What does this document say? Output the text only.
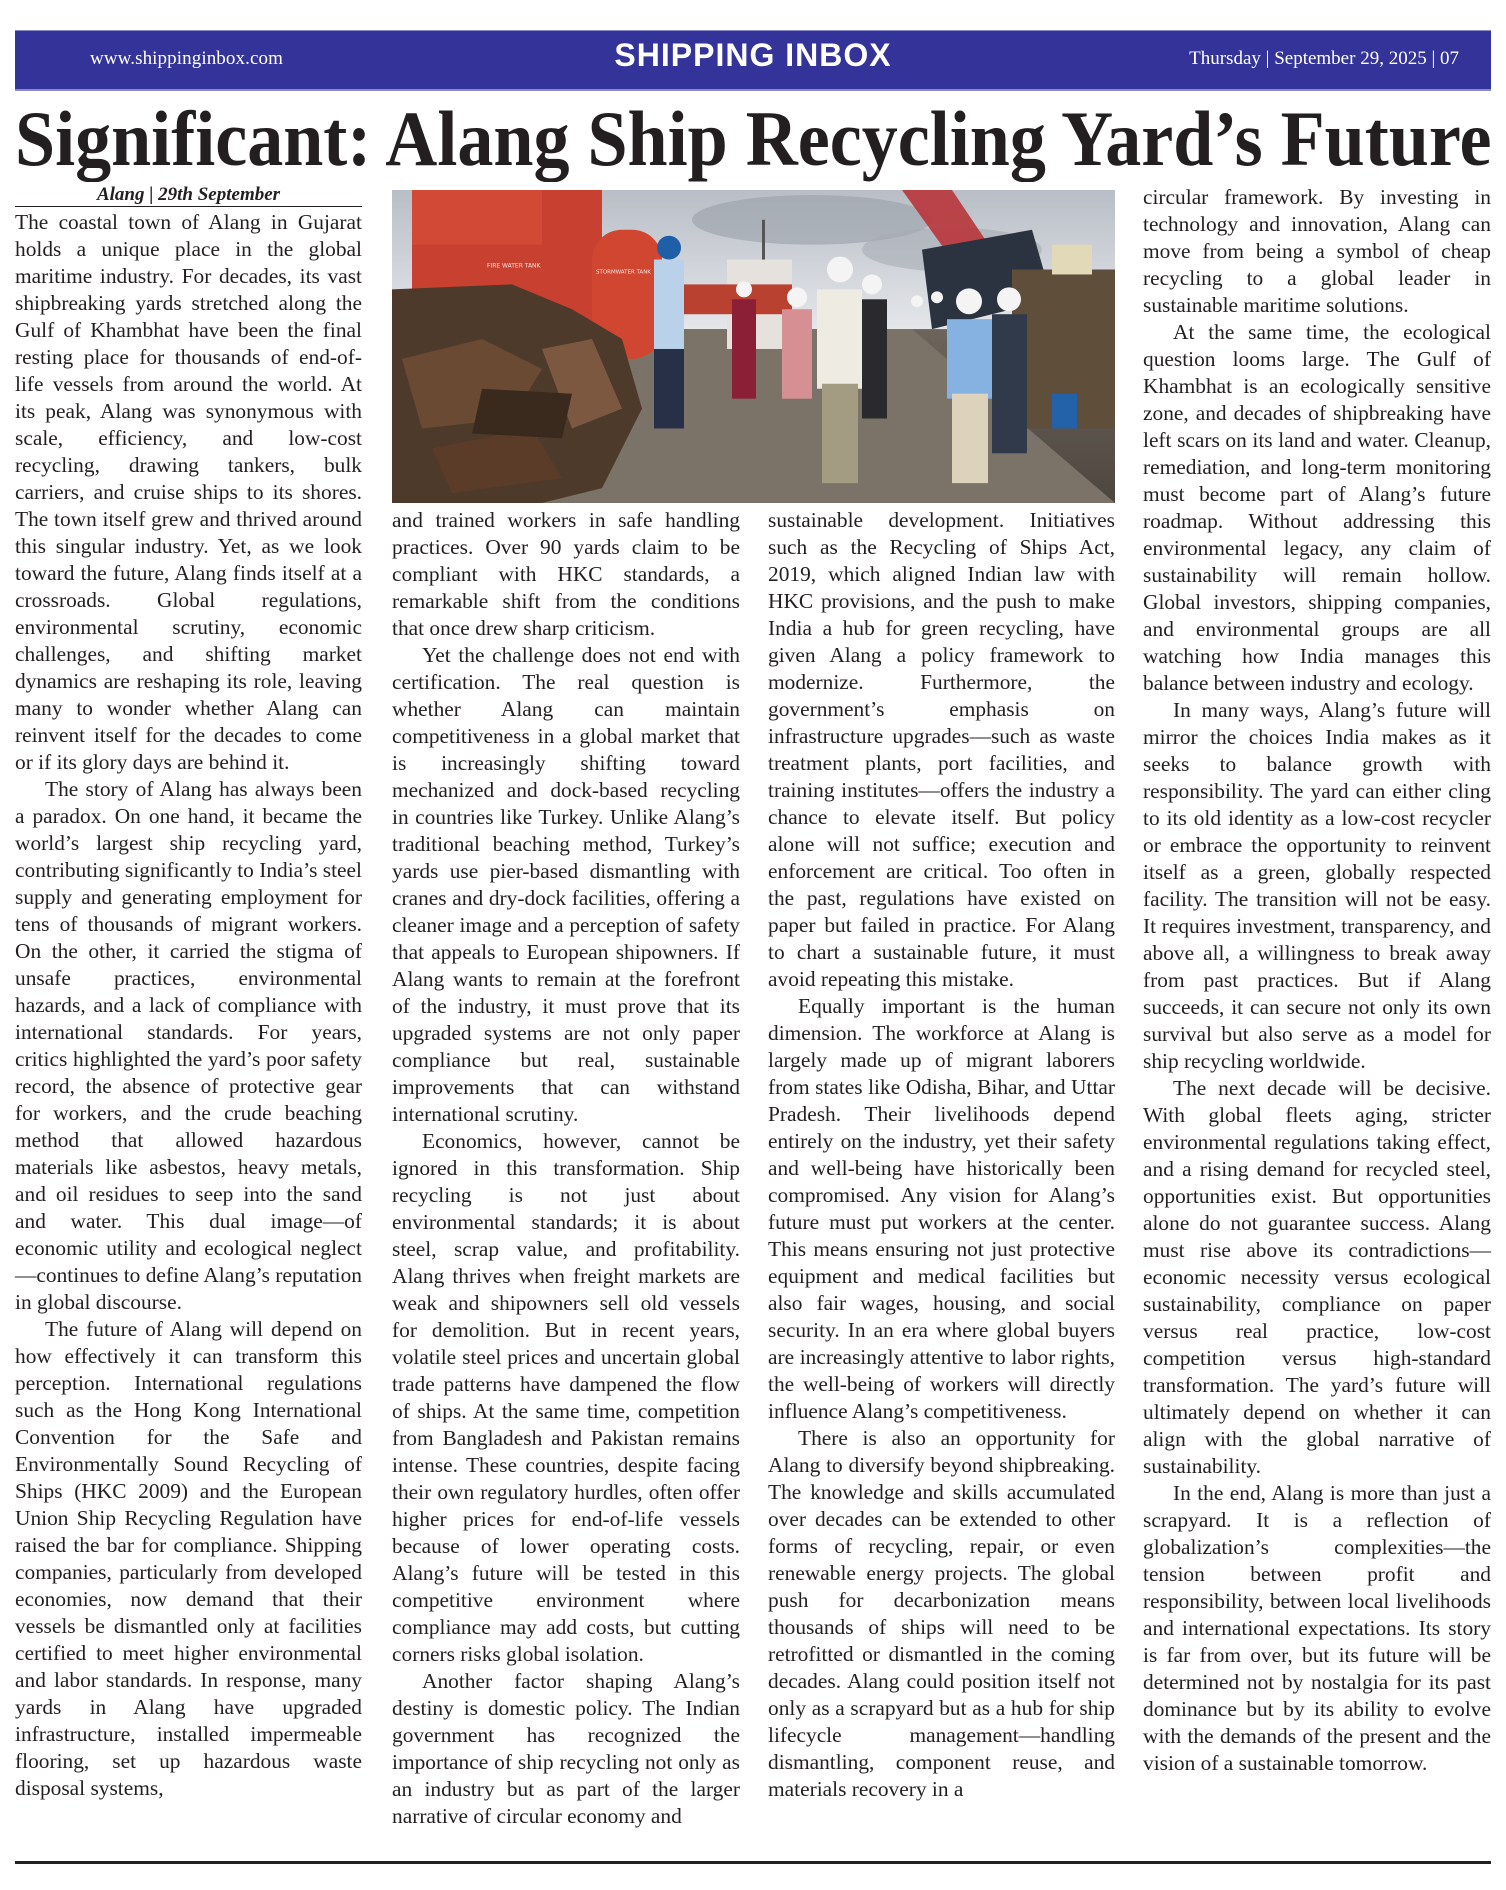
www.shippinginbox.com	SHIPPING INBOX	Thursday | September 29, 2025 | 07
Significant: Alang Ship Recycling Yard’s Future
Alang | 29th September
FIRE WATER TANK
STORMWATER TANK

The coastal town of Alang in Gujarat holds a unique place in the global maritime industry. For decades, its vast shipbreaking yards stretched along the Gulf of Khambhat have been the final resting place for thousands of end-of-life vessels from around the world. At its peak, Alang was synonymous with scale, efficiency, and low-cost recycling, drawing tankers, bulk carriers, and cruise ships to its shores. The town itself grew and thrived around this singular industry. Yet, as we look toward the future, Alang finds itself at a crossroads. Global regulations, environmental scrutiny, economic challenges, and shifting market dynamics are reshaping its role, leaving many to wonder whether Alang can reinvent itself for the decades to come or if its glory days are behind it.

The story of Alang has always been a paradox. On one hand, it became the world’s largest ship recycling yard, contributing significantly to India’s steel supply and generating employment for tens of thousands of migrant workers. On the other, it carried the stigma of unsafe practices, environmental hazards, and a lack of compliance with international standards. For years, critics highlighted the yard’s poor safety record, the absence of protective gear for workers, and the crude beaching method that allowed hazardous materials like asbestos, heavy metals, and oil residues to seep into the sand and water. This dual image—of economic utility and ecological neglect—continues to define Alang’s reputation in global discourse.

The future of Alang will depend on how effectively it can transform this perception. International regulations such as the Hong Kong International Convention for the Safe and Environmentally Sound Recycling of Ships (HKC 2009) and the European Union Ship Recycling Regulation have raised the bar for compliance. Shipping companies, particularly from developed economies, now demand that their vessels be dismantled only at facilities certified to meet higher environmental and labor standards. In response, many yards in Alang have upgraded infrastructure, installed impermeable flooring, set up hazardous waste disposal systems,

and trained workers in safe handling practices. Over 90 yards claim to be compliant with HKC standards, a remarkable shift from the conditions that once drew sharp criticism.

Yet the challenge does not end with certification. The real question is whether Alang can maintain competitiveness in a global market that is increasingly shifting toward mechanized and dock-based recycling in countries like Turkey. Unlike Alang’s traditional beaching method, Turkey’s yards use pier-based dismantling with cranes and dry-dock facilities, offering a cleaner image and a perception of safety that appeals to European shipowners. If Alang wants to remain at the forefront of the industry, it must prove that its upgraded systems are not only paper compliance but real, sustainable improvements that can withstand international scrutiny.

Economics, however, cannot be ignored in this transformation. Ship recycling is not just about environmental standards; it is about steel, scrap value, and profitability. Alang thrives when freight markets are weak and shipowners sell old vessels for demolition. But in recent years, volatile steel prices and uncertain global trade patterns have dampened the flow of ships. At the same time, competition from Bangladesh and Pakistan remains intense. These countries, despite facing their own regulatory hurdles, often offer higher prices for end-of-life vessels because of lower operating costs. Alang’s future will be tested in this competitive environment where compliance may add costs, but cutting corners risks global isolation.

Another factor shaping Alang’s destiny is domestic policy. The Indian government has recognized the importance of ship recycling not only as an industry but as part of the larger narrative of circular economy and

sustainable development. Initiatives such as the Recycling of Ships Act, 2019, which aligned Indian law with HKC provisions, and the push to make India a hub for green recycling, have given Alang a policy framework to modernize. Furthermore, the government’s emphasis on infrastructure upgrades—such as waste treatment plants, port facilities, and training institutes—offers the industry a chance to elevate itself. But policy alone will not suffice; execution and enforcement are critical. Too often in the past, regulations have existed on paper but failed in practice. For Alang to chart a sustainable future, it must avoid repeating this mistake.

Equally important is the human dimension. The workforce at Alang is largely made up of migrant laborers from states like Odisha, Bihar, and Uttar Pradesh. Their livelihoods depend entirely on the industry, yet their safety and well-being have historically been compromised. Any vision for Alang’s future must put workers at the center. This means ensuring not just protective equipment and medical facilities but also fair wages, housing, and social security. In an era where global buyers are increasingly attentive to labor rights, the well-being of workers will directly influence Alang’s competitiveness.

There is also an opportunity for Alang to diversify beyond shipbreaking. The knowledge and skills accumulated over decades can be extended to other forms of recycling, repair, or even renewable energy projects. The global push for decarbonization means thousands of ships will need to be retrofitted or dismantled in the coming decades. Alang could position itself not only as a scrapyard but as a hub for ship lifecycle management—handling dismantling, component reuse, and materials recovery in a

circular framework. By investing in technology and innovation, Alang can move from being a symbol of cheap recycling to a global leader in sustainable maritime solutions.

At the same time, the ecological question looms large. The Gulf of Khambhat is an ecologically sensitive zone, and decades of shipbreaking have left scars on its land and water. Cleanup, remediation, and long-term monitoring must become part of Alang’s future roadmap. Without addressing this environmental legacy, any claim of sustainability will remain hollow. Global investors, shipping companies, and environmental groups are all watching how India manages this balance between industry and ecology.

In many ways, Alang’s future will mirror the choices India makes as it seeks to balance growth with responsibility. The yard can either cling to its old identity as a low-cost recycler or embrace the opportunity to reinvent itself as a green, globally respected facility. The transition will not be easy. It requires investment, transparency, and above all, a willingness to break away from past practices. But if Alang succeeds, it can secure not only its own survival but also serve as a model for ship recycling worldwide.

The next decade will be decisive. With global fleets aging, stricter environmental regulations taking effect, and a rising demand for recycled steel, opportunities exist. But opportunities alone do not guarantee success. Alang must rise above its contradictions—economic necessity versus ecological sustainability, compliance on paper versus real practice, low-cost competition versus high-standard transformation. The yard’s future will ultimately depend on whether it can align with the global narrative of sustainability.

In the end, Alang is more than just a scrapyard. It is a reflection of globalization’s complexities—the tension between profit and responsibility, between local livelihoods and international expectations. Its story is far from over, but its future will be determined not by nostalgia for its past dominance but by its ability to evolve with the demands of the present and the vision of a sustainable tomorrow.
